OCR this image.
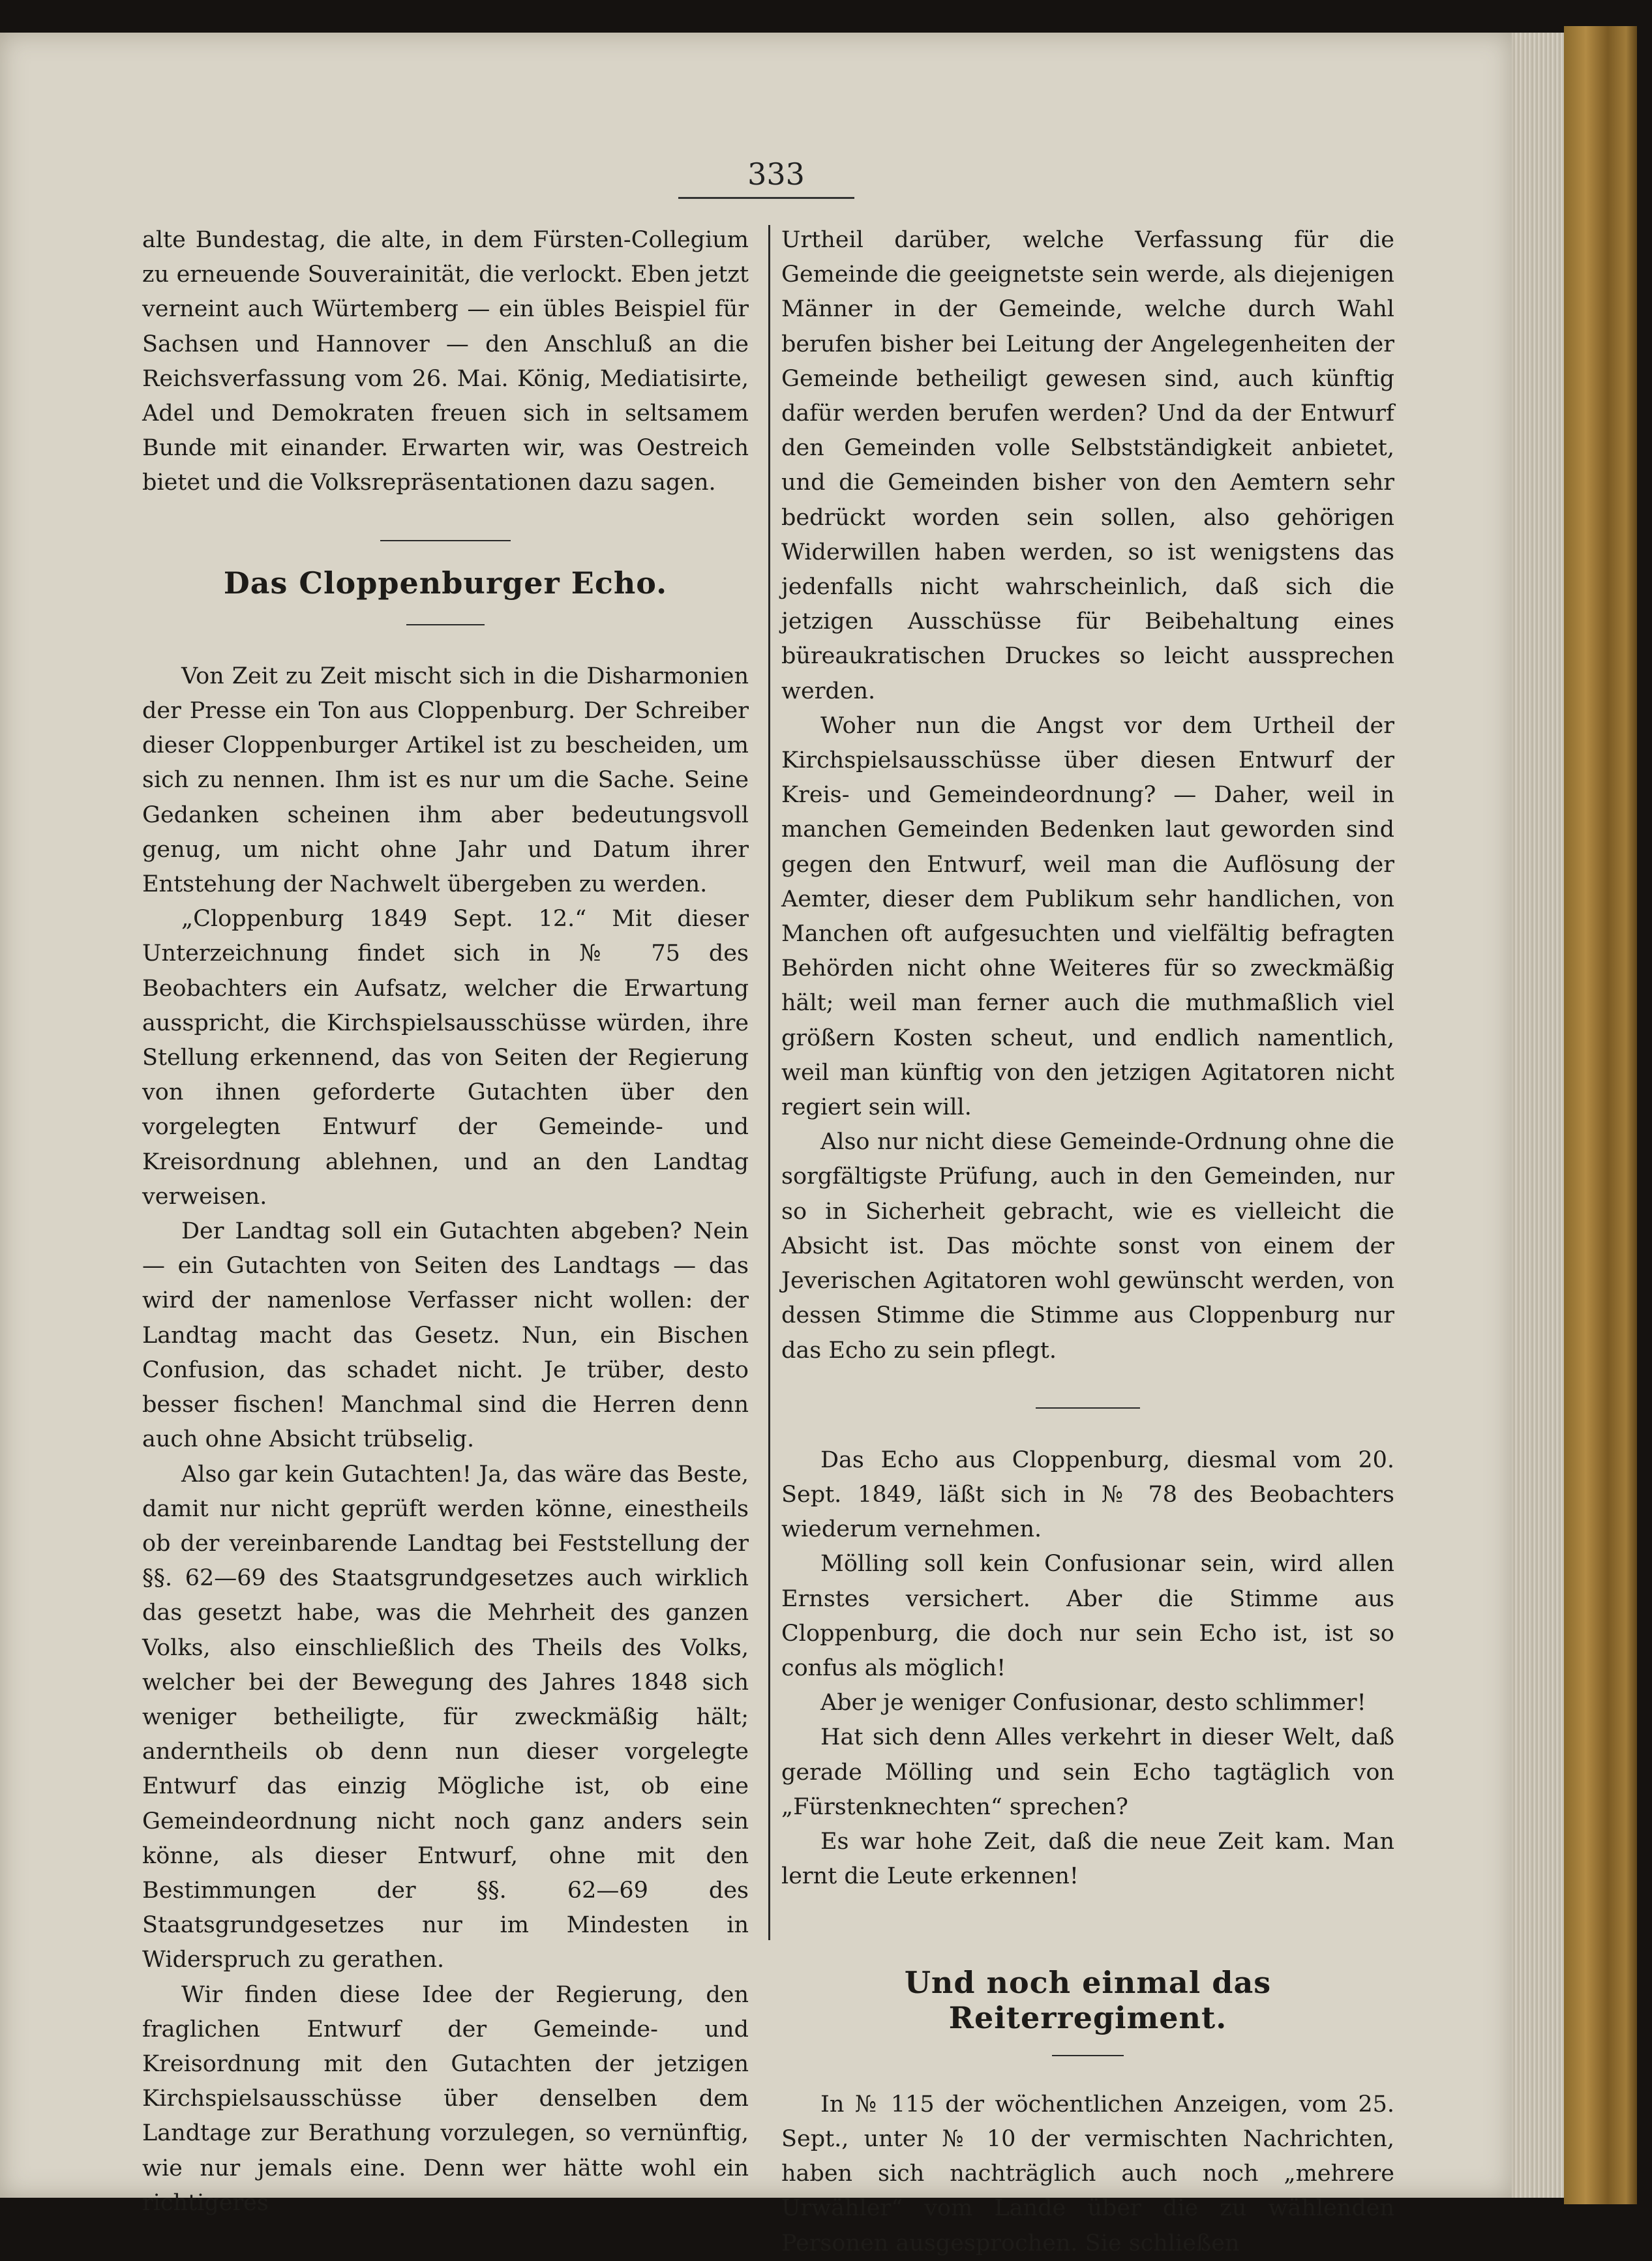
333

alte Bundestag, die alte, in dem Fürsten-Collegium zu erneuende Souverainität, die verlockt. Eben jetzt verneint auch Würtemberg — ein übles Beispiel für Sachsen und Hannover — den Anschluß an die Reichsverfassung vom 26. Mai. König, Mediatisirte, Adel und Demokraten freuen sich in seltsamem Bunde mit einander. Erwarten wir, was Oestreich bietet und die Volksrepräsentationen dazu sagen.

Das Cloppenburger Echo.

Von Zeit zu Zeit mischt sich in die Disharmonien der Presse ein Ton aus Cloppenburg. Der Schreiber dieser Cloppenburger Artikel ist zu bescheiden, um sich zu nennen. Ihm ist es nur um die Sache. Seine Gedanken scheinen ihm aber bedeutungsvoll genug, um nicht ohne Jahr und Datum ihrer Entstehung der Nachwelt übergeben zu werden.

„Cloppenburg 1849 Sept. 12.“ Mit dieser Unterzeichnung findet sich in № 75 des Beobachters ein Aufsatz, welcher die Erwartung ausspricht, die Kirchspielsausschüsse würden, ihre Stellung erkennend, das von Seiten der Regierung von ihnen geforderte Gutachten über den vorgelegten Entwurf der Gemeinde- und Kreisordnung ablehnen, und an den Landtag verweisen.

Der Landtag soll ein Gutachten abgeben? Nein — ein Gutachten von Seiten des Landtags — das wird der namenlose Verfasser nicht wollen: der Landtag macht das Gesetz. Nun, ein Bischen Confusion, das schadet nicht. Je trüber, desto besser fischen! Manchmal sind die Herren denn auch ohne Absicht trübselig.

Also gar kein Gutachten! Ja, das wäre das Beste, damit nur nicht geprüft werden könne, einestheils ob der vereinbarende Landtag bei Feststellung der §§. 62—69 des Staatsgrundgesetzes auch wirklich das gesetzt habe, was die Mehrheit des ganzen Volks, also einschließlich des Theils des Volks, welcher bei der Bewegung des Jahres 1848 sich weniger betheiligte, für zweckmäßig hält; anderntheils ob denn nun dieser vorgelegte Entwurf das einzig Mögliche ist, ob eine Gemeindeordnung nicht noch ganz anders sein könne, als dieser Entwurf, ohne mit den Bestimmungen der §§. 62—69 des Staatsgrundgesetzes nur im Mindesten in Widerspruch zu gerathen.

Wir finden diese Idee der Regierung, den fraglichen Entwurf der Gemeinde- und Kreisordnung mit den Gutachten der jetzigen Kirchspielsausschüsse über denselben dem Landtage zur Berathung vorzulegen, so vernünftig, wie nur jemals eine. Denn wer hätte wohl ein richtigeres

Urtheil darüber, welche Verfassung für die Gemeinde die geeignetste sein werde, als diejenigen Männer in der Gemeinde, welche durch Wahl berufen bisher bei Leitung der Angelegenheiten der Gemeinde betheiligt gewesen sind, auch künftig dafür werden berufen werden? Und da der Entwurf den Gemeinden volle Selbstständigkeit anbietet, und die Gemeinden bisher von den Aemtern sehr bedrückt worden sein sollen, also gehörigen Widerwillen haben werden, so ist wenigstens das jedenfalls nicht wahrscheinlich, daß sich die jetzigen Ausschüsse für Beibehaltung eines büreaukratischen Druckes so leicht aussprechen werden.

Woher nun die Angst vor dem Urtheil der Kirchspielsausschüsse über diesen Entwurf der Kreis- und Gemeindeordnung? — Daher, weil in manchen Gemeinden Bedenken laut geworden sind gegen den Entwurf, weil man die Auflösung der Aemter, dieser dem Publikum sehr handlichen, von Manchen oft aufgesuchten und vielfältig befragten Behörden nicht ohne Weiteres für so zweckmäßig hält; weil man ferner auch die muthmaßlich viel größern Kosten scheut, und endlich namentlich, weil man künftig von den jetzigen Agitatoren nicht regiert sein will.

Also nur nicht diese Gemeinde-Ordnung ohne die sorgfältigste Prüfung, auch in den Gemeinden, nur so in Sicherheit gebracht, wie es vielleicht die Absicht ist. Das möchte sonst von einem der Jeverischen Agitatoren wohl gewünscht werden, von dessen Stimme die Stimme aus Cloppenburg nur das Echo zu sein pflegt.

Das Echo aus Cloppenburg, diesmal vom 20. Sept. 1849, läßt sich in № 78 des Beobachters wiederum vernehmen.

Mölling soll kein Confusionar sein, wird allen Ernstes versichert. Aber die Stimme aus Cloppenburg, die doch nur sein Echo ist, ist so confus als möglich!

Aber je weniger Confusionar, desto schlimmer!

Hat sich denn Alles verkehrt in dieser Welt, daß gerade Mölling und sein Echo tagtäglich von „Fürstenknechten“ sprechen?

Es war hohe Zeit, daß die neue Zeit kam. Man lernt die Leute erkennen!

Und noch einmal das Reiterregiment.

In № 115 der wöchentlichen Anzeigen, vom 25. Sept., unter № 10 der vermischten Nachrichten, haben sich nachträglich auch noch „mehrere Urwähler“ vom Lande über die zu wählenden Personen ausgesprochen. Sie schließen
